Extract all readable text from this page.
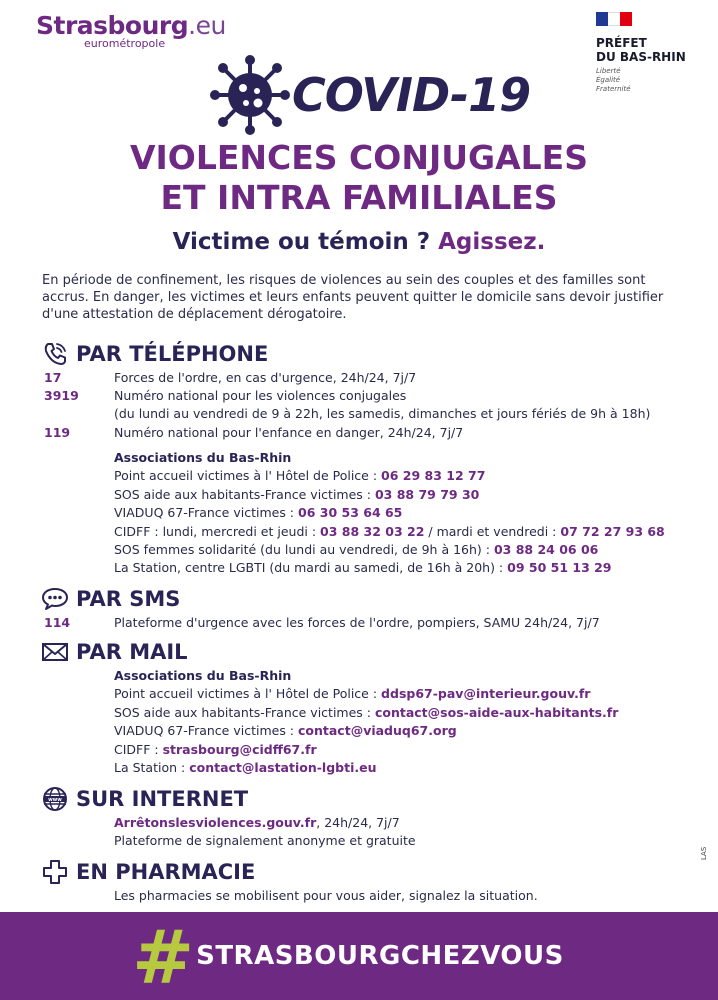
Strasbourg.eu
eurométropole	PRÉFET
DU BAS-RHIN
Liberté
Égalité
Fraternité
COVID-19
VIOLENCES CONJUGALES
ET INTRA FAMILIALES
Victime ou témoin ? Agissez.
En période de confinement, les risques de violences au sein des couples et des familles sont accrus. En danger, les victimes et leurs enfants peuvent quitter le domicile sans devoir justifier d'une attestation de déplacement dérogatoire.
PAR TÉLÉPHONE
17	Forces de l'ordre, en cas d'urgence, 24h/24, 7j/7
3919	Numéro national pour les violences conjugales
(du lundi au vendredi de 9 à 22h, les samedis, dimanches et jours fériés de 9h à 18h)
119	Numéro national pour l'enfance en danger, 24h/24, 7j/7
Associations du Bas-Rhin
Point accueil victimes à l' Hôtel de Police : 06 29 83 12 77
SOS aide aux habitants-France victimes : 03 88 79 79 30
VIADUQ 67-France victimes : 06 30 53 64 65
CIDFF : lundi, mercredi et jeudi : 03 88 32 03 22 / mardi et vendredi : 07 72 27 93 68
SOS femmes solidarité (du lundi au vendredi, de 9h à 16h) : 03 88 24 06 06
La Station, centre LGBTI (du mardi au samedi, de 16h à 20h) : 09 50 51 13 29
PAR SMS
114	Plateforme d'urgence avec les forces de l'ordre, pompiers, SAMU 24h/24, 7j/7
PAR MAIL
Associations du Bas-Rhin
Point accueil victimes à l' Hôtel de Police : ddsp67-pav@interieur.gouv.fr
SOS aide aux habitants-France victimes : contact@sos-aide-aux-habitants.fr
VIADUQ 67-France victimes : contact@viaduq67.org
CIDFF : strasbourg@cidff67.fr
La Station : contact@lastation-lgbti.eu
www SUR INTERNET
Arrêtonslesviolences.gouv.fr, 24h/24, 7j/7
Plateforme de signalement anonyme et gratuite
EN PHARMACIE
Les pharmacies se mobilisent pour vous aider, signalez la situation.
LAS
# STRASBOURGCHEZVOUS
